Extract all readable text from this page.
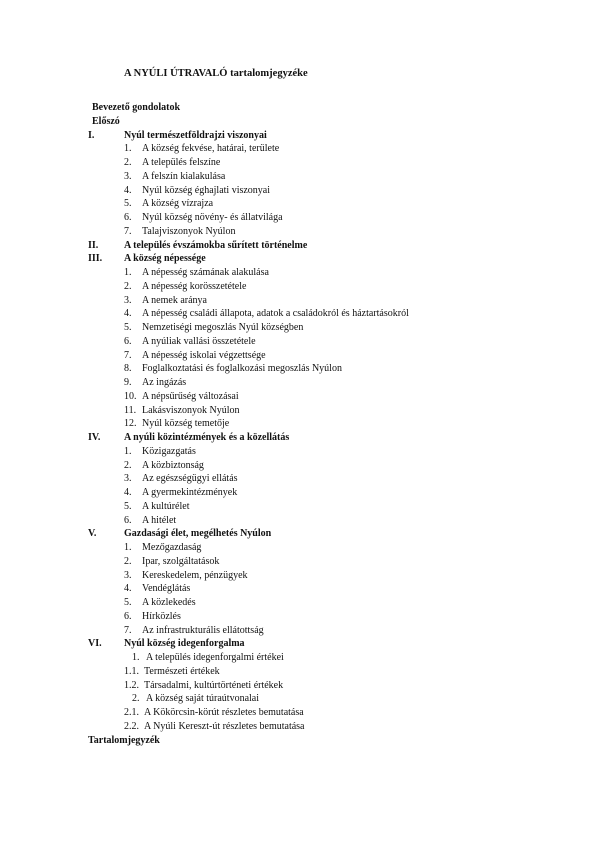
A NYÚLI ÚTRAVALÓ tartalomjegyzéke
Bevezető gondolatok
Előszó
I.	Nyúl természetföldrajzi viszonyai
1.	A község fekvése, határai, területe
2.	A település felszíne
3.	A felszín kialakulása
4.	Nyúl község éghajlati viszonyai
5.	A község vízrajza
6.	Nyúl község növény- és állatvilága
7.	Talajviszonyok Nyúlon
II.	A település évszámokba sűrített történelme
III. A község népessége
1.	A népesség számának alakulása
2.	A népesség korösszetétele
3.	A nemek aránya
4.	A népesség családi állapota, adatok a családokról és háztartásokról
5.	Nemzetiségi megoszlás Nyúl községben
6.	A nyúliak vallási összetétele
7.	A népesség iskolai végzettsége
8.	Foglalkoztatási és foglalkozási megoszlás Nyúlon
9.	Az ingázás
10. A népsűrűség változásai
11. Lakásviszonyok Nyúlon
12. Nyúl község temetője
IV. A nyúli közintézmények és a közellátás
1.	Közigazgatás
2.	A közbiztonság
3.	Az egészségügyi ellátás
4.	A gyermekintézmények
5.	A kultúrélet
6.	A hitélet
V.	Gazdasági élet, megélhetés Nyúlon
1.	Mezőgazdaság
2.	Ipar, szolgáltatások
3.	Kereskedelem, pénzügyek
4.	Vendéglátás
5.	A közlekedés
6.	Hírközlés
7.	Az infrastrukturális ellátottság
VI. Nyúl község idegenforgalma
1. A település idegenforgalmi értékei
1.1. Természeti értékek
1.2. Társadalmi, kultúrtörténeti értékek
2. A község saját túraútvonalai
2.1. A Kökörcsin-körút részletes bemutatása
2.2. A Nyúli Kereszt-út részletes bemutatása
Tartalomjegyzék
